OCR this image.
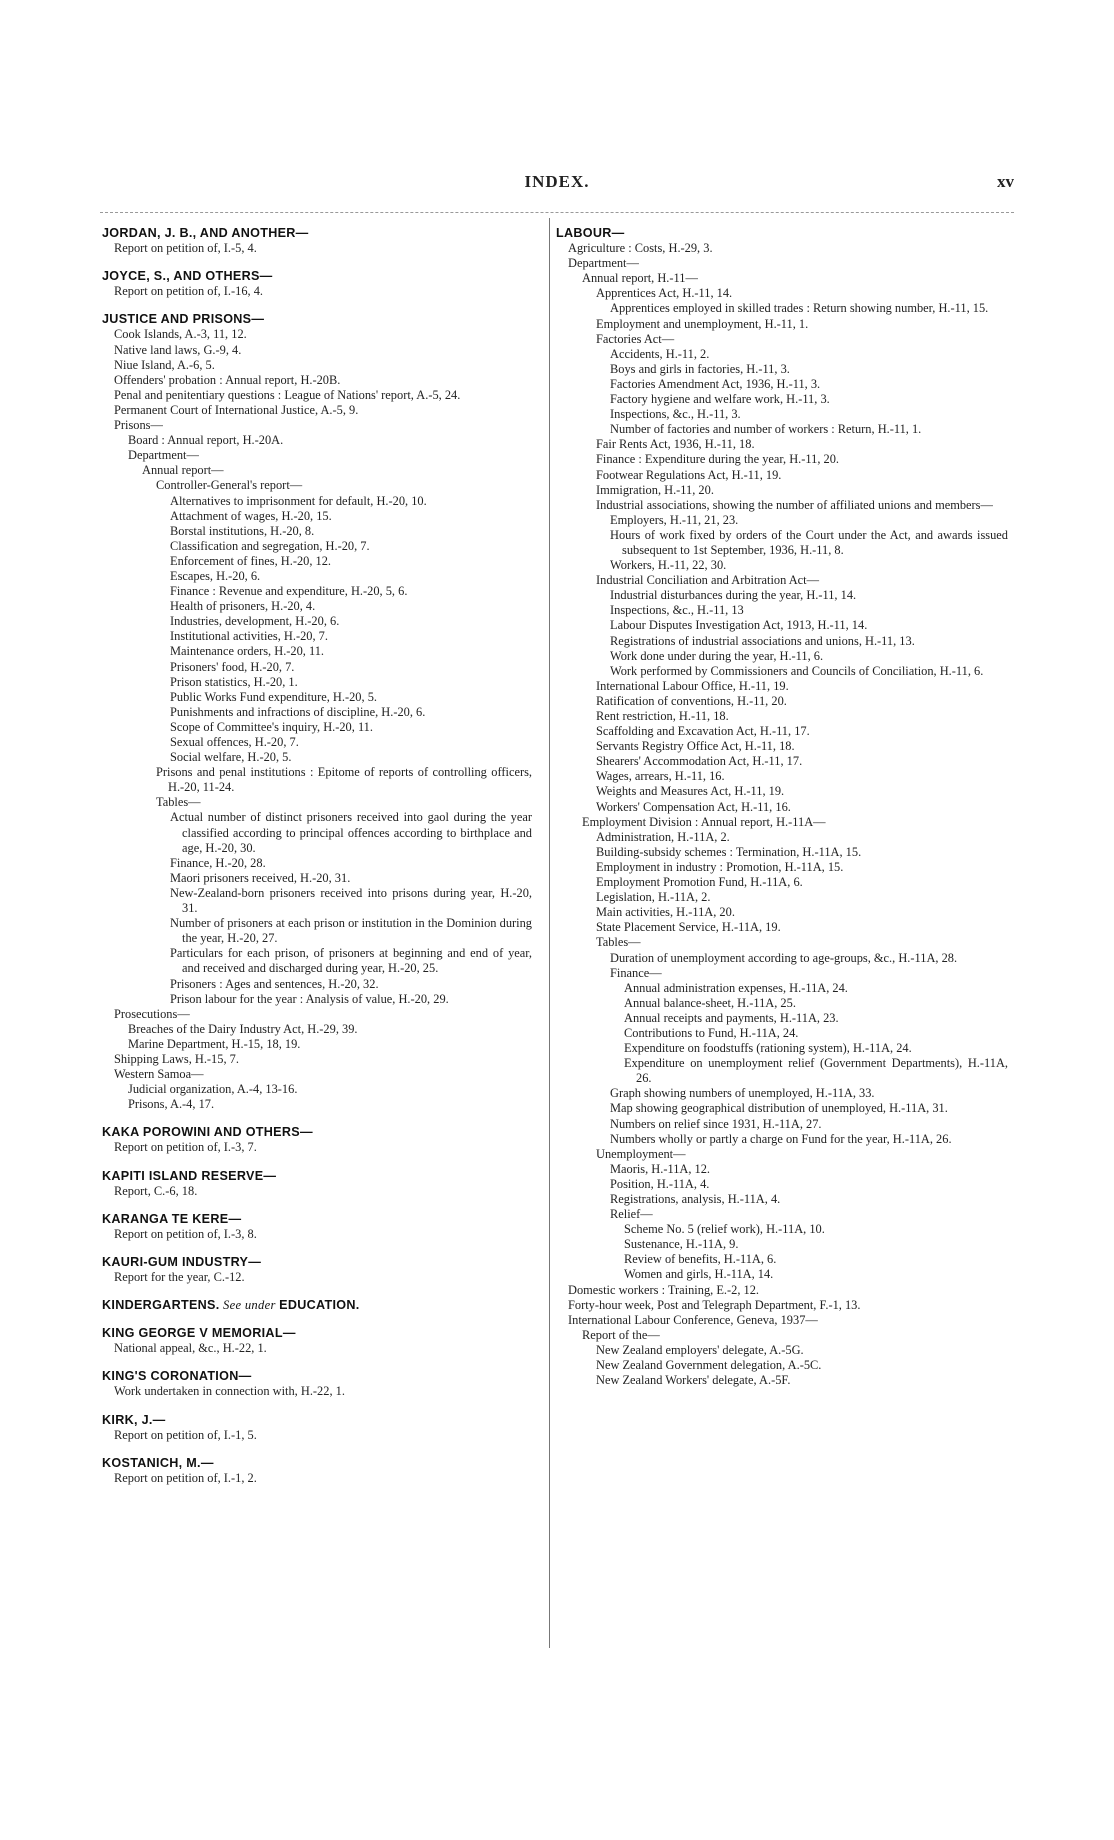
INDEX.	xv
JORDAN, J. B., AND ANOTHER—
Report on petition of, I.-5, 4.
JOYCE, S., AND OTHERS—
Report on petition of, I.-16, 4.
JUSTICE AND PRISONS—
Cook Islands, A.-3, 11, 12.
Native land laws, G.-9, 4.
Niue Island, A.-6, 5.
Offenders' probation : Annual report, H.-20B.
Penal and penitentiary questions : League of Nations' report, A.-5, 24.
Permanent Court of International Justice, A.-5, 9.
Prisons—
Board : Annual report, H.-20A.
Department—
Annual report—
Controller-General's report—
Alternatives to imprisonment for default, H.-20, 10.
Attachment of wages, H.-20, 15.
Borstal institutions, H.-20, 8.
Classification and segregation, H.-20, 7.
Enforcement of fines, H.-20, 12.
Escapes, H.-20, 6.
Finance : Revenue and expenditure, H.-20, 5, 6.
Health of prisoners, H.-20, 4.
Industries, development, H.-20, 6.
Institutional activities, H.-20, 7.
Maintenance orders, H.-20, 11.
Prisoners' food, H.-20, 7.
Prison statistics, H.-20, 1.
Public Works Fund expenditure, H.-20, 5.
Punishments and infractions of discipline, H.-20, 6.
Scope of Committee's inquiry, H.-20, 11.
Sexual offences, H.-20, 7.
Social welfare, H.-20, 5.
Prisons and penal institutions : Epitome of reports of controlling officers, H.-20, 11-24.
Tables—
Actual number of distinct prisoners received into gaol during the year classified according to principal offences according to birthplace and age, H.-20, 30.
Finance, H.-20, 28.
Maori prisoners received, H.-20, 31.
New-Zealand-born prisoners received into prisons during year, H.-20, 31.
Number of prisoners at each prison or institution in the Dominion during the year, H.-20, 27.
Particulars for each prison, of prisoners at beginning and end of year, and received and discharged during year, H.-20, 25.
Prisoners : Ages and sentences, H.-20, 32.
Prison labour for the year : Analysis of value, H.-20, 29.
Prosecutions—
Breaches of the Dairy Industry Act, H.-29, 39.
Marine Department, H.-15, 18, 19.
Shipping Laws, H.-15, 7.
Western Samoa—
Judicial organization, A.-4, 13-16.
Prisons, A.-4, 17.
KAKA POROWINI AND OTHERS—
Report on petition of, I.-3, 7.
KAPITI ISLAND RESERVE—
Report, C.-6, 18.
KARANGA TE KERE—
Report on petition of, I.-3, 8.
KAURI-GUM INDUSTRY—
Report for the year, C.-12.
KINDERGARTENS. See under EDUCATION.
KING GEORGE V MEMORIAL—
National appeal, &c., H.-22, 1.
KING'S CORONATION—
Work undertaken in connection with, H.-22, 1.
KIRK, J.—
Report on petition of, I.-1, 5.
KOSTANICH, M.—
Report on petition of, I.-1, 2.
LABOUR—
Agriculture : Costs, H.-29, 3.
Department—
Annual report, H.-11—
Apprentices Act, H.-11, 14.
Apprentices employed in skilled trades : Return showing number, H.-11, 15.
Employment and unemployment, H.-11, 1.
Factories Act—
Accidents, H.-11, 2.
Boys and girls in factories, H.-11, 3.
Factories Amendment Act, 1936, H.-11, 3.
Factory hygiene and welfare work, H.-11, 3.
Inspections, &c., H.-11, 3.
Number of factories and number of workers : Return, H.-11, 1.
Fair Rents Act, 1936, H.-11, 18.
Finance : Expenditure during the year, H.-11, 20.
Footwear Regulations Act, H.-11, 19.
Immigration, H.-11, 20.
Industrial associations, showing the number of affiliated unions and members—
Employers, H.-11, 21, 23.
Hours of work fixed by orders of the Court under the Act, and awards issued subsequent to 1st September, 1936, H.-11, 8.
Workers, H.-11, 22, 30.
Industrial Conciliation and Arbitration Act—
Industrial disturbances during the year, H.-11, 14.
Inspections, &c., H.-11, 13
Labour Disputes Investigation Act, 1913, H.-11, 14.
Registrations of industrial associations and unions, H.-11, 13.
Work done under during the year, H.-11, 6.
Work performed by Commissioners and Councils of Conciliation, H.-11, 6.
International Labour Office, H.-11, 19.
Ratification of conventions, H.-11, 20.
Rent restriction, H.-11, 18.
Scaffolding and Excavation Act, H.-11, 17.
Servants Registry Office Act, H.-11, 18.
Shearers' Accommodation Act, H.-11, 17.
Wages, arrears, H.-11, 16.
Weights and Measures Act, H.-11, 19.
Workers' Compensation Act, H.-11, 16.
Employment Division : Annual report, H.-11A—
Administration, H.-11A, 2.
Building-subsidy schemes : Termination, H.-11A, 15.
Employment in industry : Promotion, H.-11A, 15.
Employment Promotion Fund, H.-11A, 6.
Legislation, H.-11A, 2.
Main activities, H.-11A, 20.
State Placement Service, H.-11A, 19.
Tables—
Duration of unemployment according to age-groups, &c., H.-11A, 28.
Finance—
Annual administration expenses, H.-11A, 24.
Annual balance-sheet, H.-11A, 25.
Annual receipts and payments, H.-11A, 23.
Contributions to Fund, H.-11A, 24.
Expenditure on foodstuffs (rationing system), H.-11A, 24.
Expenditure on unemployment relief (Government Departments), H.-11A, 26.
Graph showing numbers of unemployed, H.-11A, 33.
Map showing geographical distribution of unemployed, H.-11A, 31.
Numbers on relief since 1931, H.-11A, 27.
Numbers wholly or partly a charge on Fund for the year, H.-11A, 26.
Unemployment—
Maoris, H.-11A, 12.
Position, H.-11A, 4.
Registrations, analysis, H.-11A, 4.
Relief—
Scheme No. 5 (relief work), H.-11A, 10.
Sustenance, H.-11A, 9.
Review of benefits, H.-11A, 6.
Women and girls, H.-11A, 14.
Domestic workers : Training, E.-2, 12.
Forty-hour week, Post and Telegraph Department, F.-1, 13.
International Labour Conference, Geneva, 1937—
Report of the—
New Zealand employers' delegate, A.-5G.
New Zealand Government delegation, A.-5C.
New Zealand Workers' delegate, A.-5F.
